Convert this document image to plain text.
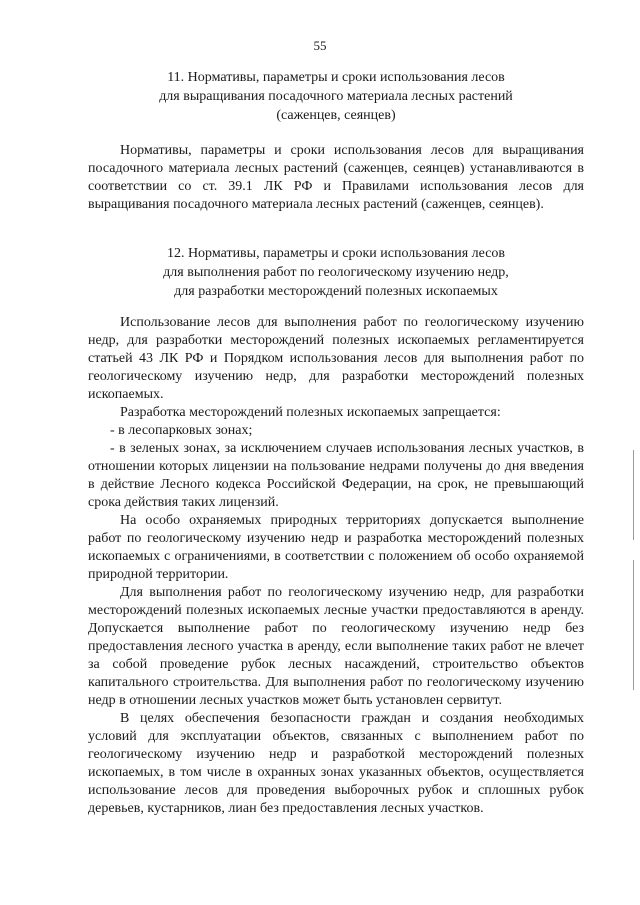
55
11. Нормативы, параметры и сроки использования лесов
для выращивания посадочного материала лесных растений
(саженцев, сеянцев)

Нормативы, параметры и сроки использования лесов для выращивания посадочного материала лесных растений (саженцев, сеянцев) устанавливаются в соответствии со ст. 39.1 ЛК РФ и Правилами использования лесов для выращивания посадочного материала лесных растений (саженцев, сеянцев).

12. Нормативы, параметры и сроки использования лесов
для выполнения работ по геологическому изучению недр,
для разработки месторождений полезных ископаемых

Использование лесов для выполнения работ по геологическому изучению недр, для разработки месторождений полезных ископаемых регламентируется статьей 43 ЛК РФ и Порядком использования лесов для выполнения работ по геологическому изучению недр, для разработки месторождений полезных ископаемых.

Разработка месторождений полезных ископаемых запрещается:

- в лесопарковых зонах;

- в зеленых зонах, за исключением случаев использования лесных участков, в отношении которых лицензии на пользование недрами получены до дня введения в действие Лесного кодекса Российской Федерации, на срок, не превышающий срока действия таких лицензий.

На особо охраняемых природных территориях допускается выполнение работ по геологическому изучению недр и разработка месторождений полезных ископаемых с ограничениями, в соответствии с положением об особо охраняемой природной территории.

Для выполнения работ по геологическому изучению недр, для разработки месторождений полезных ископаемых лесные участки предоставляются в аренду. Допускается выполнение работ по геологическому изучению недр без предоставления лесного участка в аренду, если выполнение таких работ не влечет за собой проведение рубок лесных насаждений, строительство объектов капитального строительства. Для выполнения работ по геологическому изучению недр в отношении лесных участков может быть установлен сервитут.

В целях обеспечения безопасности граждан и создания необходимых условий для эксплуатации объектов, связанных с выполнением работ по геологическому изучению недр и разработкой месторождений полезных ископаемых, в том числе в охранных зонах указанных объектов, осуществляется использование лесов для проведения выборочных рубок и сплошных рубок деревьев, кустарников, лиан без предоставления лесных участков.
